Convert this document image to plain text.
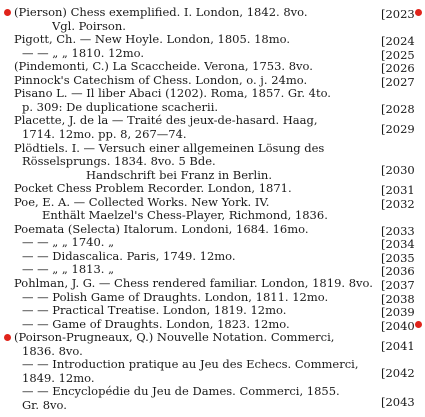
(Pierson) Chess exemplified. I. London, 1842. 8vo.
Vgl. Poirson.
Pigott, Ch. — New Hoyle. London, 1805. 18mo.
— — „ „ 1810. 12mo.
(Pindemonti, C.) La Scaccheide. Verona, 1753. 8vo.
Pinnock's Catechism of Chess. London, o. j. 24mo.
Pisano L. — Il liber Abaci (1202). Roma, 1857. Gr. 4to.
p. 309: De duplicatione scacherii.
Placette, J. de la — Traité des jeux-de-hasard. Haag,
1714. 12mo. pp. 8, 267—74.
Plödtiels. I. — Versuch einer allgemeinen Lösung des
Rösselsprungs. 1834. 8vo. 5 Bde.
Handschrift bei Franz in Berlin.
Pocket Chess Problem Recorder. London, 1871.
Poe, E. A. — Collected Works. New York. IV.
Enthält Maelzel's Chess-Player, Richmond, 1836.
Poemata (Selecta) Italorum. Londoni, 1684. 16mo.
— — „ „ 1740. „
— — Didascalica. Paris, 1749. 12mo.
— — „ „ 1813. „
Pohlman, J. G. — Chess rendered familiar. London, 1819. 8vo.
— — Polish Game of Draughts. London, 1811. 12mo.
— — Practical Treatise. London, 1819. 12mo.
— — Game of Draughts. London, 1823. 12mo.
(Poirson-Prugneaux, Q.) Nouvelle Notation. Commerci,
1836. 8vo.
— — Introduction pratique au Jeu des Echecs. Commerci,
1849. 12mo.
— — Encyclopédie du Jeu de Dames. Commerci, 1855.
Gr. 8vo.
[2023
[2024
[2025
[2026
[2027
[2028
[2029
[2030
[2031
[2032
[2033
[2034
[2035
[2036
[2037
[2038
[2039
[2040
[2041
[2042
[2043
